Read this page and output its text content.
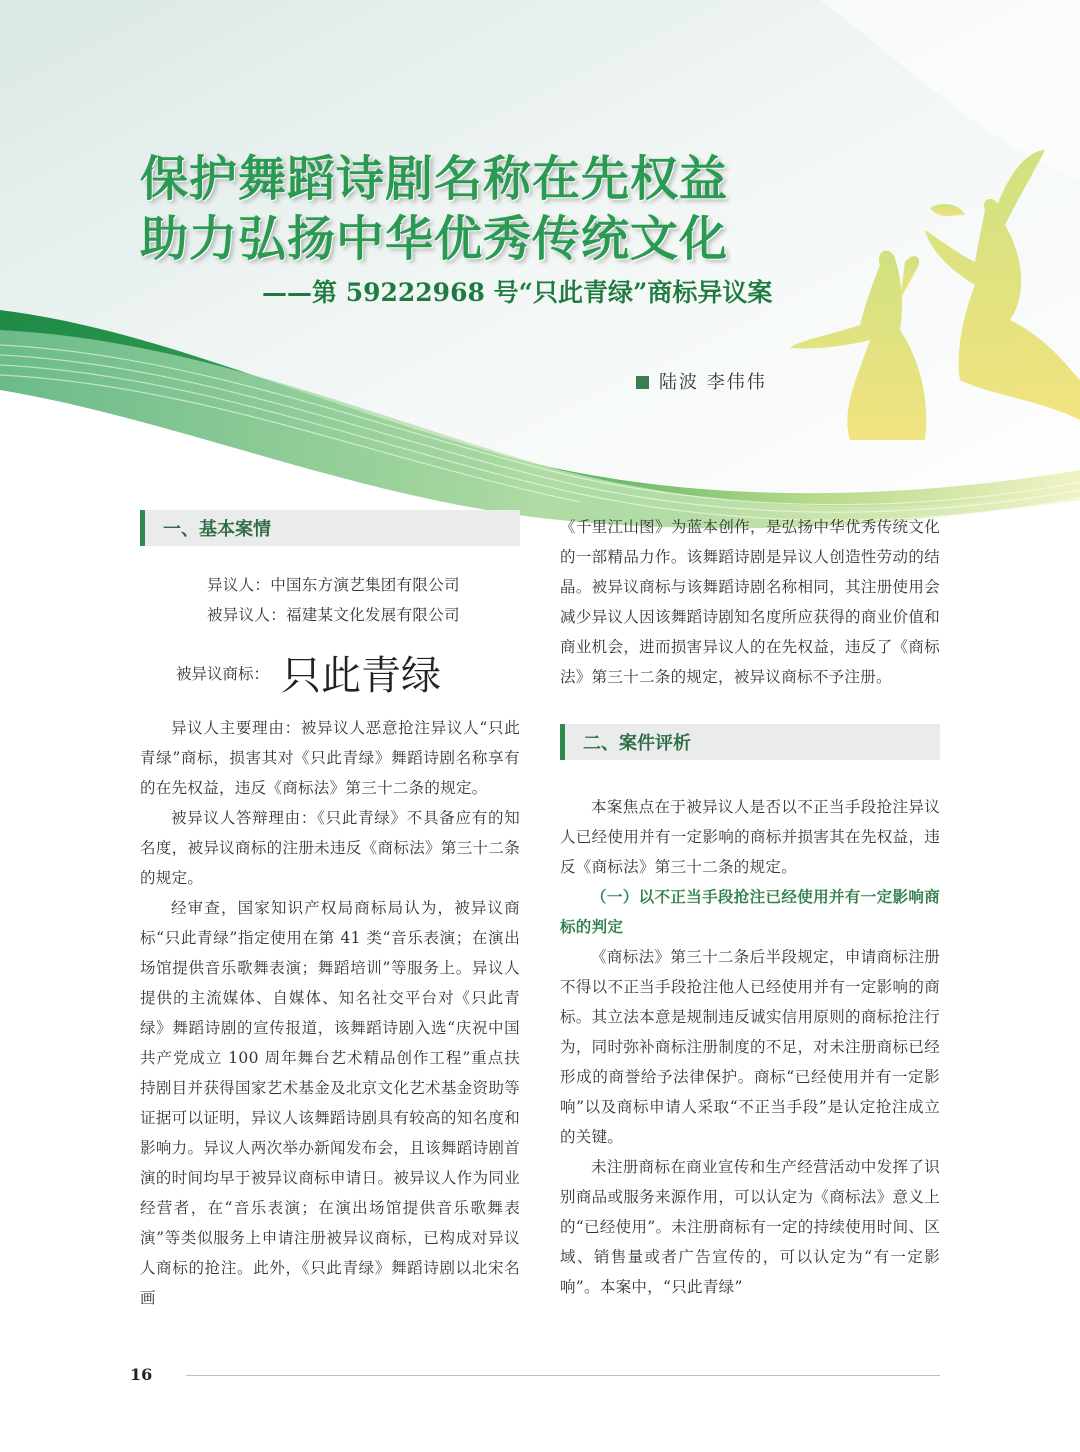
保护舞蹈诗剧名称在先权益
助力弘扬中华优秀传统文化
——第 59222968 号“只此青绿”商标异议案
陆波 李伟伟
一、基本案情

异议人：中国东方演艺集团有限公司

被异议人：福建某文化发展有限公司

被异议商标： 只此青绿

异议人主要理由：被异议人恶意抢注异议人“只此青绿”商标，损害其对《只此青绿》舞蹈诗剧名称享有的在先权益，违反《商标法》第三十二条的规定。

被异议人答辩理由：《只此青绿》不具备应有的知名度，被异议商标的注册未违反《商标法》第三十二条的规定。

经审查，国家知识产权局商标局认为，被异议商标“只此青绿”指定使用在第 41 类“音乐表演；在演出场馆提供音乐歌舞表演；舞蹈培训”等服务上。异议人提供的主流媒体、自媒体、知名社交平台对《只此青绿》舞蹈诗剧的宣传报道，该舞蹈诗剧入选“庆祝中国共产党成立 100 周年舞台艺术精品创作工程”重点扶持剧目并获得国家艺术基金及北京文化艺术基金资助等证据可以证明，异议人该舞蹈诗剧具有较高的知名度和影响力。异议人两次举办新闻发布会，且该舞蹈诗剧首演的时间均早于被异议商标申请日。被异议人作为同业经营者，在“音乐表演；在演出场馆提供音乐歌舞表演”等类似服务上申请注册被异议商标，已构成对异议人商标的抢注。此外，《只此青绿》舞蹈诗剧以北宋名画

《千里江山图》为蓝本创作，是弘扬中华优秀传统文化的一部精品力作。该舞蹈诗剧是异议人创造性劳动的结晶。被异议商标与该舞蹈诗剧名称相同，其注册使用会减少异议人因该舞蹈诗剧知名度所应获得的商业价值和商业机会，进而损害异议人的在先权益，违反了《商标法》第三十二条的规定，被异议商标不予注册。

二、案件评析

本案焦点在于被异议人是否以不正当手段抢注异议人已经使用并有一定影响的商标并损害其在先权益，违反《商标法》第三十二条的规定。

（一）以不正当手段抢注已经使用并有一定影响商标的判定

《商标法》第三十二条后半段规定，申请商标注册不得以不正当手段抢注他人已经使用并有一定影响的商标。其立法本意是规制违反诚实信用原则的商标抢注行为，同时弥补商标注册制度的不足，对未注册商标已经形成的商誉给予法律保护。商标“已经使用并有一定影响”以及商标申请人采取“不正当手段”是认定抢注成立的关键。

未注册商标在商业宣传和生产经营活动中发挥了识别商品或服务来源作用，可以认定为《商标法》意义上的“已经使用”。未注册商标有一定的持续使用时间、区域、销售量或者广告宣传的，可以认定为“有一定影响”。本案中，“只此青绿”

16
